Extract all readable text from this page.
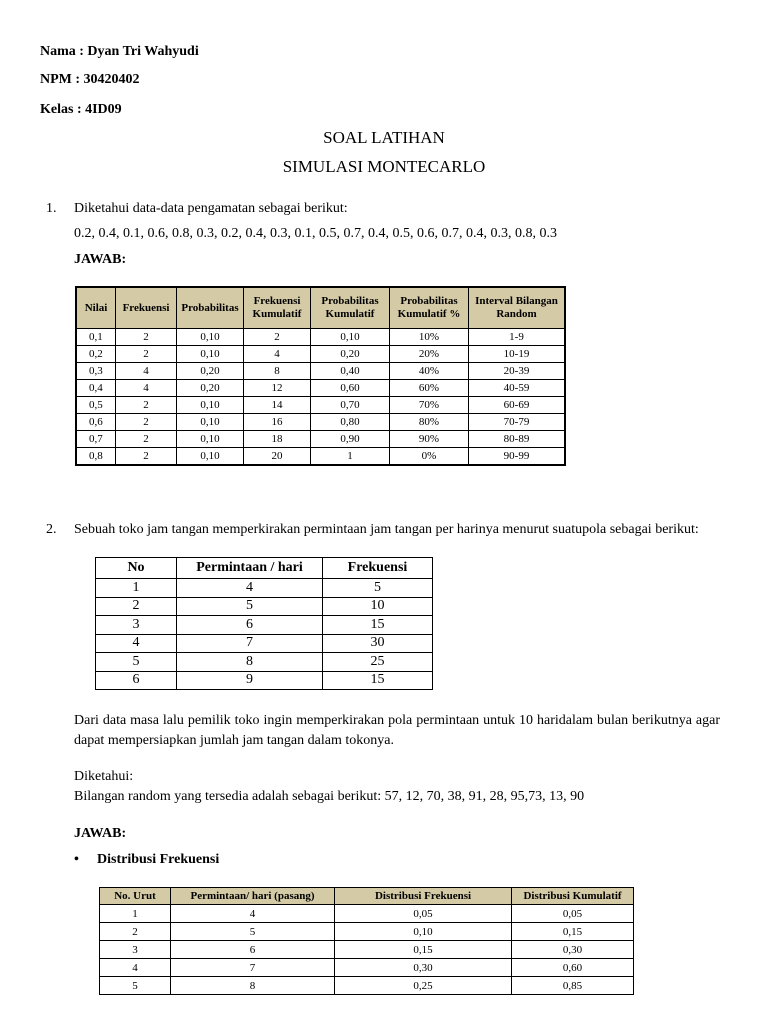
Nama : Dyan Tri Wahyudi
NPM : 30420402
Kelas : 4ID09
SOAL LATIHAN
SIMULASI MONTECARLO
1. Diketahui data-data pengamatan sebagai berikut:
0.2, 0.4, 0.1, 0.6, 0.8, 0.3, 0.2, 0.4, 0.3, 0.1, 0.5, 0.7, 0.4, 0.5, 0.6, 0.7, 0.4, 0.3, 0.8, 0.3
JAWAB:
Nilai	Frekuensi	Probabilitas	Frekuensi Kumulatif	Probabilitas Kumulatif	Probabilitas Kumulatif %	Interval Bilangan Random
0,1	2	0,10	2	0,10	10%	1-9
0,2	2	0,10	4	0,20	20%	10-19
0,3	4	0,20	8	0,40	40%	20-39
0,4	4	0,20	12	0,60	60%	40-59
0,5	2	0,10	14	0,70	70%	60-69
0,6	2	0,10	16	0,80	80%	70-79
0,7	2	0,10	18	0,90	90%	80-89
0,8	2	0,10	20	1	0%	90-99
2. Sebuah toko jam tangan memperkirakan permintaan jam tangan per harinya menurut suatupola sebagai berikut:
No	Permintaan / hari	Frekuensi
1	4	5
2	5	10
3	6	15
4	7	30
5	8	25
6	9	15
Dari data masa lalu pemilik toko ingin memperkirakan pola permintaan untuk 10 haridalam bulan berikutnya agar dapat mempersiapkan jumlah jam tangan dalam tokonya.
Diketahui:
Bilangan random yang tersedia adalah sebagai berikut: 57, 12, 70, 38, 91, 28, 95,73, 13, 90
JAWAB:
• Distribusi Frekuensi
No. Urut	Permintaan/ hari (pasang)	Distribusi Frekuensi	Distribusi Kumulatif
1	4	0,05	0,05
2	5	0,10	0,15
3	6	0,15	0,30
4	7	0,30	0,60
5	8	0,25	0,85
